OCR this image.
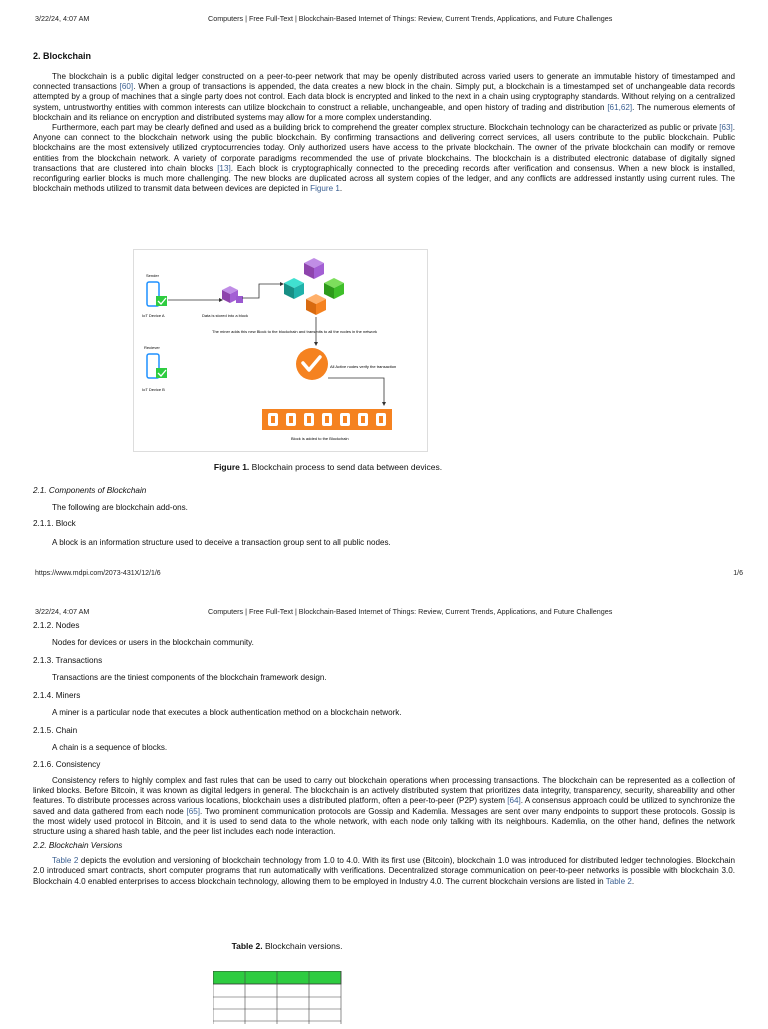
3/22/24, 4:07 AM	Computers | Free Full-Text | Blockchain-Based Internet of Things: Review, Current Trends, Applications, and Future Challenges
2. Blockchain

The blockchain is a public digital ledger constructed on a peer-to-peer network that may be openly distributed across varied users to generate an immutable history of timestamped and connected transactions [60]. When a group of transactions is appended, the data creates a new block in the chain. Simply put, a blockchain is a timestamped set of unchangeable data records attempted by a group of machines that a single party does not control. Each data block is encrypted and linked to the next in a chain using cryptography standards. Without relying on a centralized system, untrustworthy entities with common interests can utilize blockchain to construct a reliable, unchangeable, and open history of trading and distribution [61,62]. The numerous elements of blockchain and its reliance on encryption and distributed systems may allow for a more complex understanding.

Furthermore, each part may be clearly defined and used as a building brick to comprehend the greater complex structure. Blockchain technology can be characterized as public or private [63]. Anyone can connect to the blockchain network using the public blockchain. By confirming transactions and delivering correct services, all users contribute to the public blockchain. Public blockchains are the most extensively utilized cryptocurrencies today. Only authorized users have access to the private blockchain. The owner of the private blockchain can modify or remove entities from the blockchain network. A variety of corporate paradigms recommended the use of private blockchains. The blockchain is a distributed electronic database of digitally signed transactions that are clustered into chain blocks [13]. Each block is cryptographically connected to the preceding records after verification and consensus. When a new block is installed, reconfiguring earlier blocks is much more challenging. The new blocks are duplicated across all system copies of the ledger, and any conflicts are addressed instantly using current rules. The blockchain methods utilized to transmit data between devices are depicted in Figure 1.

Sender
IoT Device A	Data is stored into a block
The miner adds this new Block to the blockchain and transmits to all the nodes in the network
Reciever
IoT Device B
All Active nodes verify the transaction
Block is added to the Blockchain
Figure 1. Blockchain process to send data between devices.
2.1. Components of Blockchain
The following are blockchain add-ons.
2.1.1. Block
A block is an information structure used to deceive a transaction group sent to all public nodes.
https://www.mdpi.com/2073-431X/12/1/6	1/6
3/22/24, 4:07 AM	Computers | Free Full-Text | Blockchain-Based Internet of Things: Review, Current Trends, Applications, and Future Challenges
2.1.2. Nodes
Nodes for devices or users in the blockchain community.
2.1.3. Transactions
Transactions are the tiniest components of the blockchain framework design.
2.1.4. Miners
A miner is a particular node that executes a block authentication method on a blockchain network.
2.1.5. Chain
A chain is a sequence of blocks.
2.1.6. Consistency

Consistency refers to highly complex and fast rules that can be used to carry out blockchain operations when processing transactions. The blockchain can be represented as a collection of linked blocks. Before Bitcoin, it was known as digital ledgers in general. The blockchain is an actively distributed system that prioritizes data integrity, transparency, security, shareability and other features. To distribute processes across various locations, blockchain uses a distributed platform, often a peer-to-peer (P2P) system [64]. A consensus approach could be utilized to synchronize the saved and data gathered from each node [65]. Two prominent communication protocols are Gossip and Kademlia. Messages are sent over many endpoints to support these protocols. Gossip is the most widely used protocol in Bitcoin, and it is used to send data to the whole network, with each node only talking with its neighbours. Kademlia, on the other hand, defines the network structure using a shared hash table, and the peer list includes each node interaction.

2.2. Blockchain Versions

Table 2 depicts the evolution and versioning of blockchain technology from 1.0 to 4.0. With its first use (Bitcoin), blockchain 1.0 was introduced for distributed ledger technologies. Blockchain 2.0 introduced smart contracts, short computer programs that run automatically with verifications. Decentralized storage communication on peer-to-peer networks is possible with blockchain 3.0. Blockchain 4.0 enabled enterprises to access blockchain technology, allowing them to be employed in Industry 4.0. The current blockchain versions are listed in Table 2.

Table 2. Blockchain versions.
